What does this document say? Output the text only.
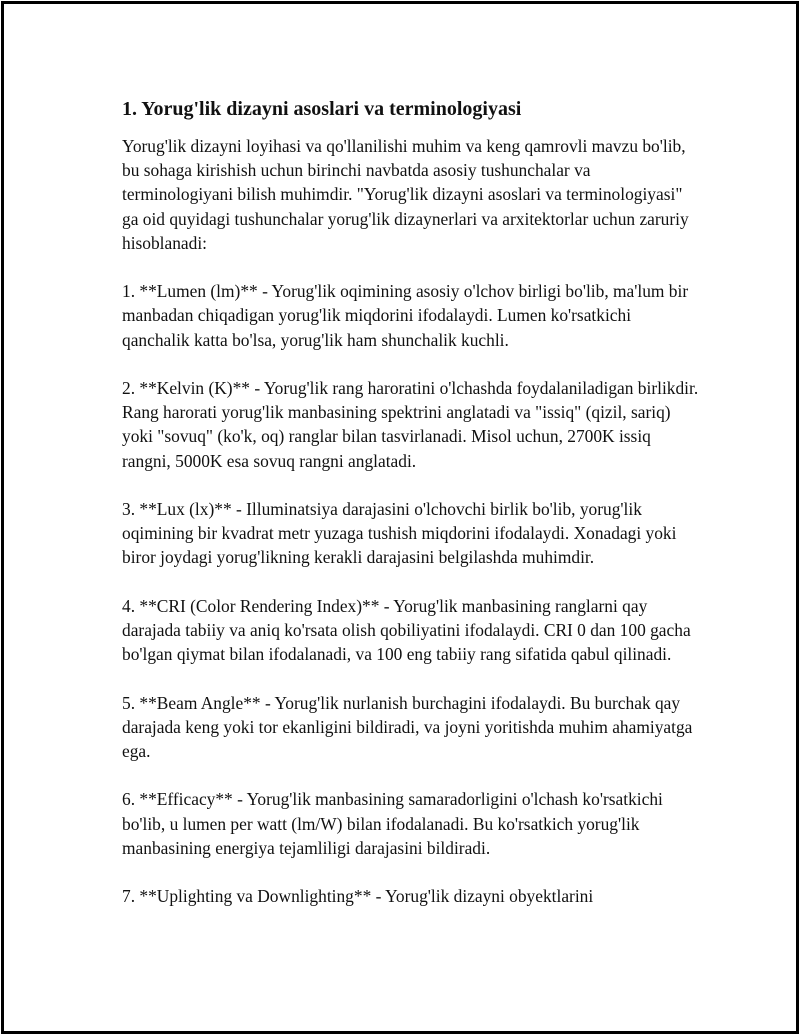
1. Yorug'lik dizayni asoslari va terminologiyasi

Yorug'lik dizayni loyihasi va qo'llanilishi muhim va keng qamrovli mavzu bo'lib, bu sohaga kirishish uchun birinchi navbatda asosiy tushunchalar va terminologiyani bilish muhimdir. "Yorug'lik dizayni asoslari va terminologiyasi" ga oid quyidagi tushunchalar yorug'lik dizaynerlari va arxitektorlar uchun zaruriy hisoblanadi:

1. **Lumen (lm)** - Yorug'lik oqimining asosiy o'lchov birligi bo'lib, ma'lum bir manbadan chiqadigan yorug'lik miqdorini ifodalaydi. Lumen ko'rsatkichi qanchalik katta bo'lsa, yorug'lik ham shunchalik kuchli.

2. **Kelvin (K)** - Yorug'lik rang haroratini o'lchashda foydalaniladigan birlikdir. Rang harorati yorug'lik manbasining spektrini anglatadi va "issiq" (qizil, sariq) yoki "sovuq" (ko'k, oq) ranglar bilan tasvirlanadi. Misol uchun, 2700K issiq rangni, 5000K esa sovuq rangni anglatadi.

3. **Lux (lx)** - Illuminatsiya darajasini o'lchovchi birlik bo'lib, yorug'lik oqimining bir kvadrat metr yuzaga tushish miqdorini ifodalaydi. Xonadagi yoki biror joydagi yorug'likning kerakli darajasini belgilashda muhimdir.

4. **CRI (Color Rendering Index)** - Yorug'lik manbasining ranglarni qay darajada tabiiy va aniq ko'rsata olish qobiliyatini ifodalaydi. CRI 0 dan 100 gacha bo'lgan qiymat bilan ifodalanadi, va 100 eng tabiiy rang sifatida qabul qilinadi.

5. **Beam Angle** - Yorug'lik nurlanish burchagini ifodalaydi. Bu burchak qay darajada keng yoki tor ekanligini bildiradi, va joyni yoritishda muhim ahamiyatga ega.

6. **Efficacy** - Yorug'lik manbasining samaradorligini o'lchash ko'rsatkichi bo'lib, u lumen per watt (lm/W) bilan ifodalanadi. Bu ko'rsatkich yorug'lik manbasining energiya tejamliligi darajasini bildiradi.

7. **Uplighting va Downlighting** - Yorug'lik dizayni obyektlarini
